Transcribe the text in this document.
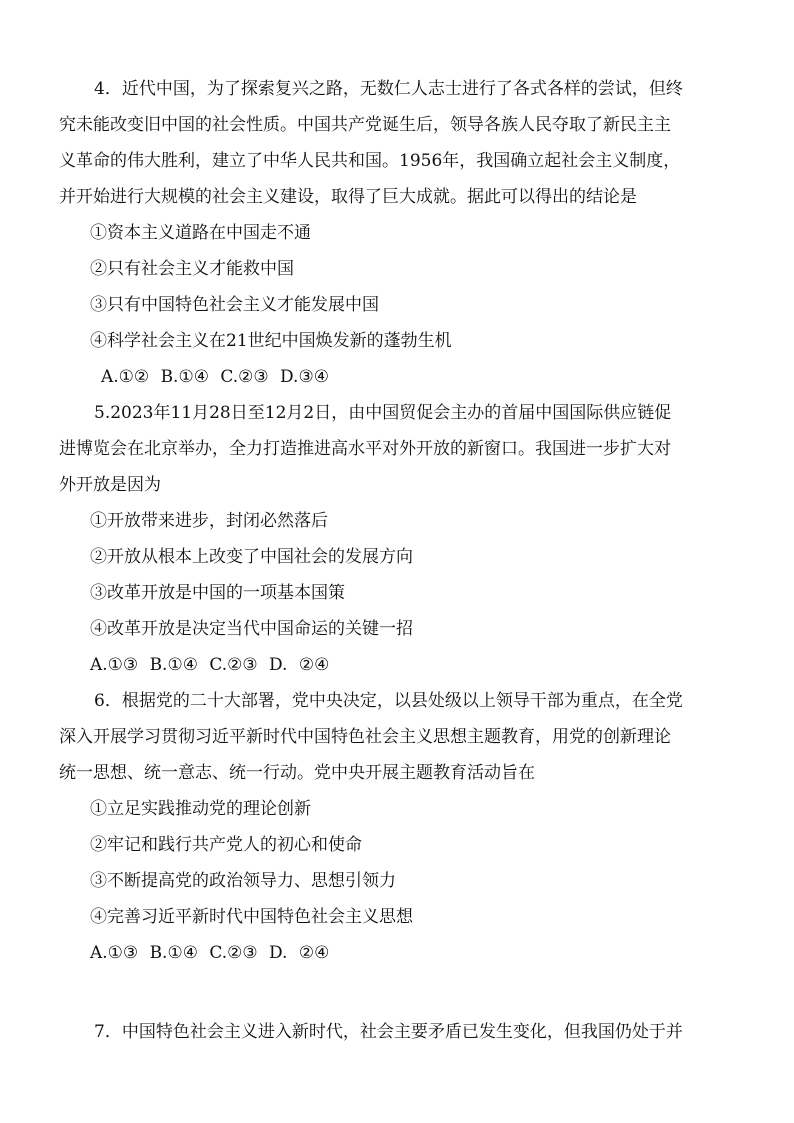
4．近代中国，为了探索复兴之路，无数仁人志士进行了各式各样的尝试，但终
究未能改变旧中国的社会性质。中国共产党诞生后，领导各族人民夺取了新民主主
义革命的伟大胜利，建立了中华人民共和国。1956年，我国确立起社会主义制度，
并开始进行大规模的社会主义建设，取得了巨大成就。据此可以得出的结论是
①资本主义道路在中国走不通
②只有社会主义才能救中国
③只有中国特色社会主义才能发展中国
④科学社会主义在21世纪中国焕发新的蓬勃生机
A.①② B.①④ C.②③ D.③④
5.2023年11月28日至12月2日，由中国贸促会主办的首届中国国际供应链促
进博览会在北京举办，全力打造推进高水平对外开放的新窗口。我国进一步扩大对
外开放是因为
①开放带来进步，封闭必然落后
②开放从根本上改变了中国社会的发展方向
③改革开放是中国的一项基本国策
④改革开放是决定当代中国命运的关键一招
A.①③ B.①④ C.②③ D. ②④
6．根据党的二十大部署，党中央决定，以县处级以上领导干部为重点，在全党
深入开展学习贯彻习近平新时代中国特色社会主义思想主题教育，用党的创新理论
统一思想、统一意志、统一行动。党中央开展主题教育活动旨在
①立足实践推动党的理论创新
②牢记和践行共产党人的初心和使命
③不断提高党的政治领导力、思想引领力
④完善习近平新时代中国特色社会主义思想
A.①③ B.①④ C.②③ D. ②④
7．中国特色社会主义进入新时代，社会主要矛盾已发生变化，但我国仍处于并
